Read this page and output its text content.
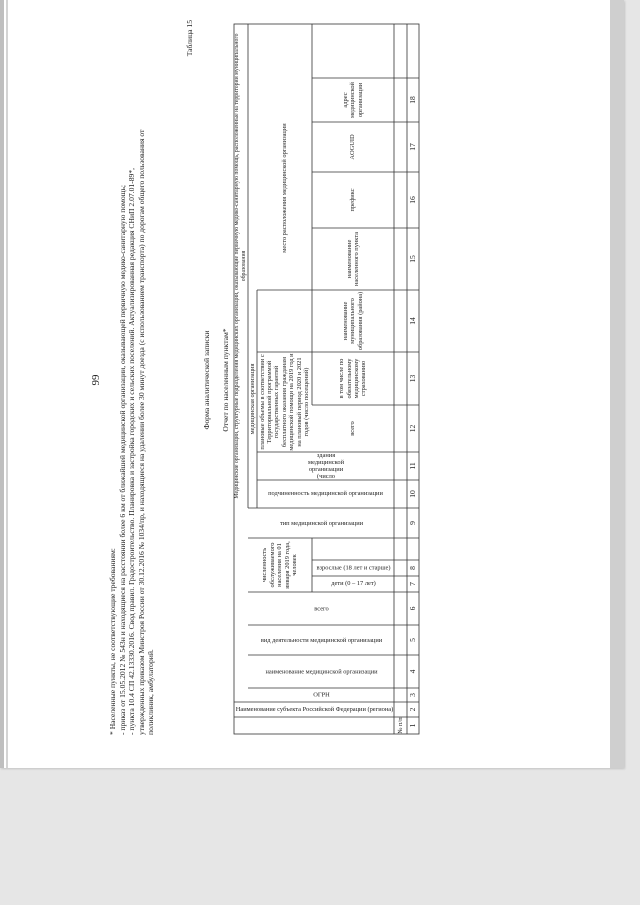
99
* Населенные пункты, не соответствующие требованиям: - приказ от 15.05.2012 № 543н и находящиеся на расстоянии более 6 км от ближайшей медицинской организации, оказывающей первичную медико-санитарную помощь; - пункта 10.4 СП 42.13330.2016. Свод правил. Градостроительство. Планировка и застройка городских и сельских поселений. Актуализированная редакция СНиП 2.07.01-89*, утвержденных приказом Минстроя России от 30.12.2016 № 1034/пр, и находящиеся на удалении более 30 минут доезда (с использованием транспорта) по дорогам общего пользования от поликлиник, амбулаторий.
Таблица 15
Форма аналитической записки Отчет по населенным пунктам*
№ п/п
Наименование субъекта Российской Федерации (региона)
ОГРН
наименование медицинской организации
вид деятельности медицинской организации
численность обслуживаемого населения на 01 января 2019 года, человек
всего
дети (0 – 17 лет)
взрослые (18 лет и старше)
тип медицинской организации
Медицинские организации, структурные подразделения медицинских организаций, оказывающие первичную медико-санитарную помощь, расположенные на территории муниципального образования
медицинская организация
подчиненность медицинской организации
здания медицинской организации (число
плановые объемы в соответствии с Территориальной программой государственных гарантий бесплатного оказания гражданам медицинской помощи на 2019 год и на плановый период 2020 и 2021 годов (число посещений)	всего
в том числе по обязательному медицинскому страхованию
место расположения медицинской организации
наименование муниципального образования (района)
наименование населенного пункта
префикс
AOGUID
адрес медицинской организации
1
2
3
4
5
6
7
8
9
10
11
12
13
14
15
16
17
18
